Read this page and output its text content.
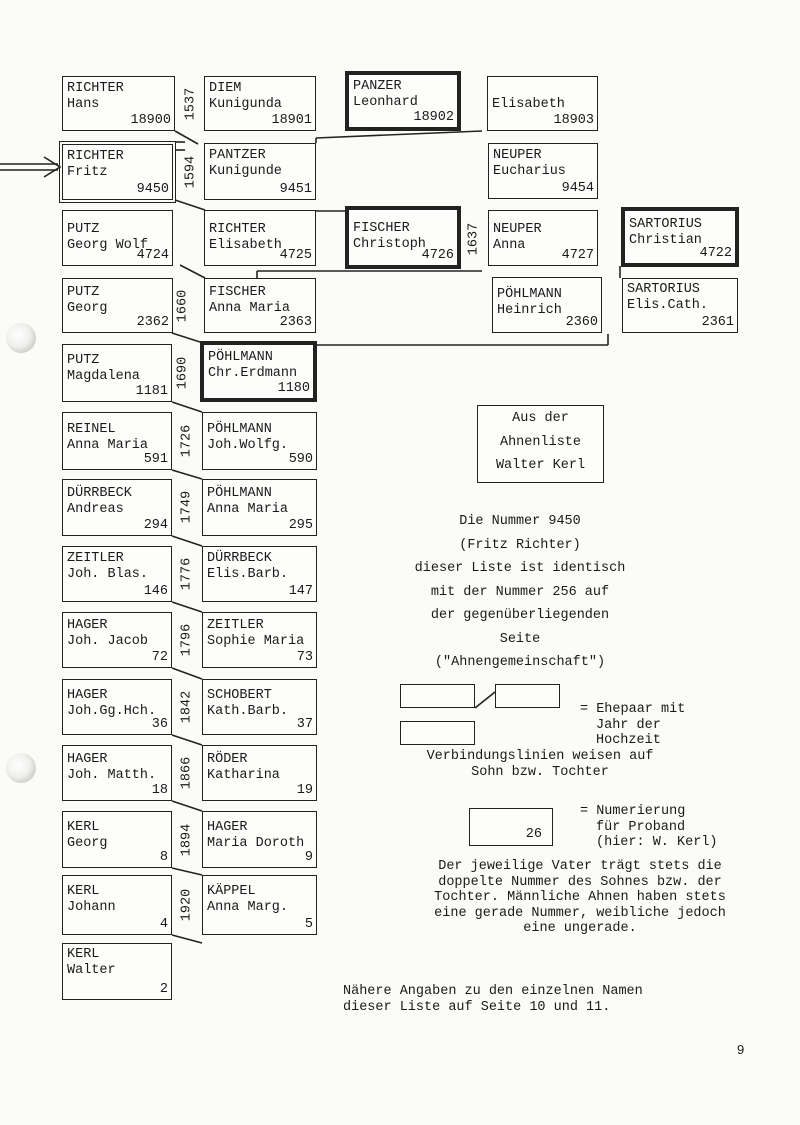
RICHTER
Hans
18900
DIEM
Kunigunda
18901
PANZER
Leonhard
18902
Elisabeth
18903
RICHTER
Fritz
9450
PANTZER
Kunigunde
9451
NEUPER
Eucharius
9454
PUTZ
Georg Wolf
4724
RICHTER
Elisabeth
4725
FISCHER
Christoph
4726
NEUPER
Anna
4727
SARTORIUS
Christian
4722
PUTZ
Georg
2362
FISCHER
Anna Maria
2363
PÖHLMANN
Heinrich
2360
SARTORIUS
Elis.Cath.
2361
PUTZ
Magdalena
1181
PÖHLMANN
Chr.Erdmann
1180
REINEL
Anna Maria
591
PÖHLMANN
Joh.Wolfg.
590
DÜRRBECK
Andreas
294
PÖHLMANN
Anna Maria
295
ZEITLER
Joh. Blas.
146
DÜRRBECK
Elis.Barb.
147
HAGER
Joh. Jacob
72
ZEITLER
Sophie Maria
73
HAGER
Joh.Gg.Hch.
36
SCHOBERT
Kath.Barb.
37
HAGER
Joh. Matth.
18
RÖDER
Katharina
19
KERL
Georg
8
HAGER
Maria Doroth
9
KERL
Johann
4
KÄPPEL
Anna Marg.
5
KERL
Walter
2
1537
1594
1637
1660
1690
1726
1749
1776
1796
1842
1866
1894
1920
Aus der
Ahnenliste
Walter Kerl
Die Nummer 9450
(Fritz Richter)
dieser Liste ist identisch
mit der Nummer 256 auf
der gegenüberliegenden
Seite
("Ahnengemeinschaft")
= Ehepaar mit
Jahr der
Hochzeit
Verbindungslinien weisen auf
Sohn bzw. Tochter
26
= Numerierung
für Proband
(hier: W. Kerl)
Der jeweilige Vater trägt stets die
doppelte Nummer des Sohnes bzw. der
Tochter. Männliche Ahnen haben stets
eine gerade Nummer, weibliche jedoch
eine ungerade.
Nähere Angaben zu den einzelnen Namen
dieser Liste auf Seite 10 und 11.
9
